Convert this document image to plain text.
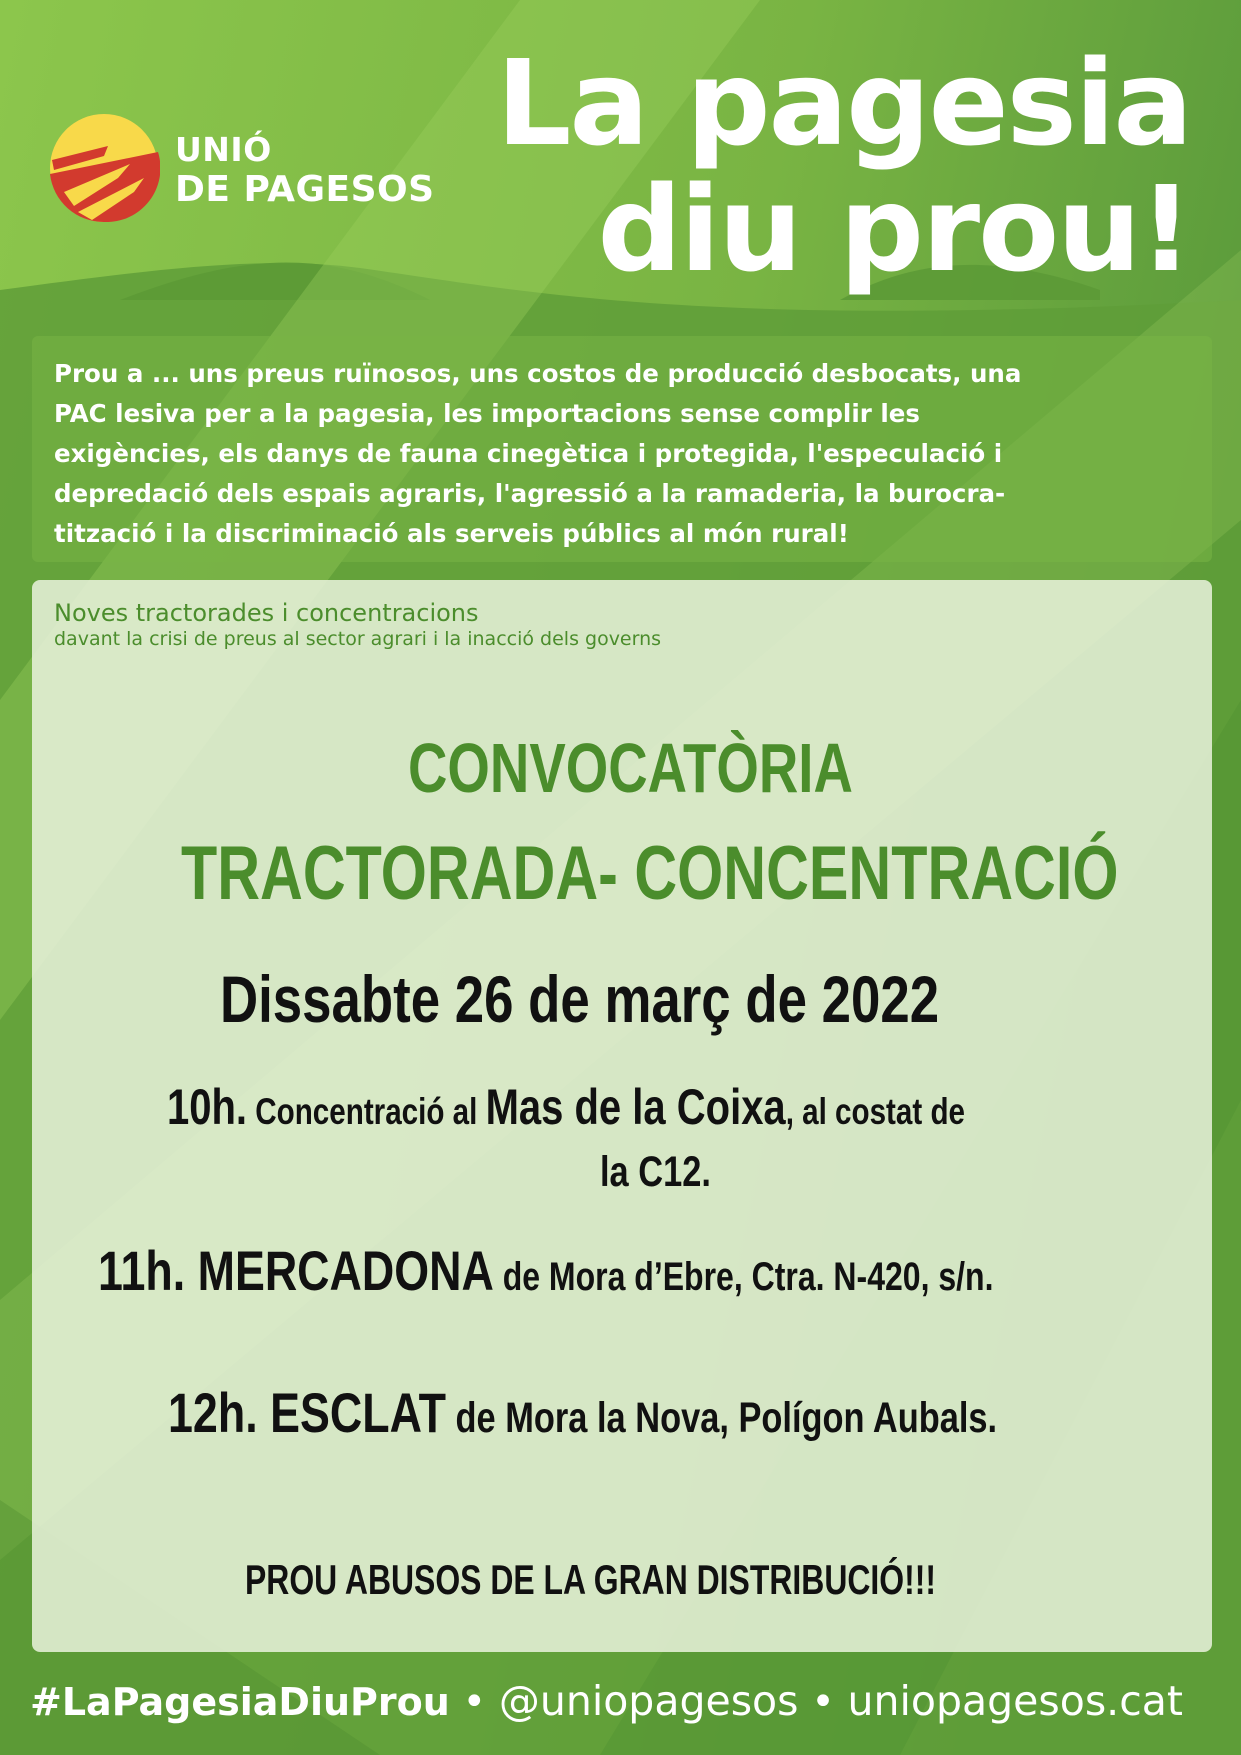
UNIÓ
DE PAGESOS
La pagesia
diu prou!
Prou a ... uns preus ruïnosos, uns costos de producció desbocats, una
PAC lesiva per a la pagesia, les importacions sense complir les
exigències, els danys de fauna cinegètica i protegida, l'especulació i
depredació dels espais agraris, l'agressió a la ramaderia, la burocra-
tització i la discriminació als serveis públics al món rural!
Noves tractorades i concentracions
davant la crisi de preus al sector agrari i la inacció dels governs
CONVOCATÒRIA
TRACTORADA- CONCENTRACIÓ
Dissabte 26 de març de 2022
10h. Concentració al Mas de la Coixa, al costat de
la C12.
11h. MERCADONA de Mora d’Ebre, Ctra. N-420, s/n.
12h. ESCLAT de Mora la Nova, Polígon Aubals.
PROU ABUSOS DE LA GRAN DISTRIBUCIÓ!!!
#LaPagesiaDiuProu • @uniopagesos • uniopagesos.cat
